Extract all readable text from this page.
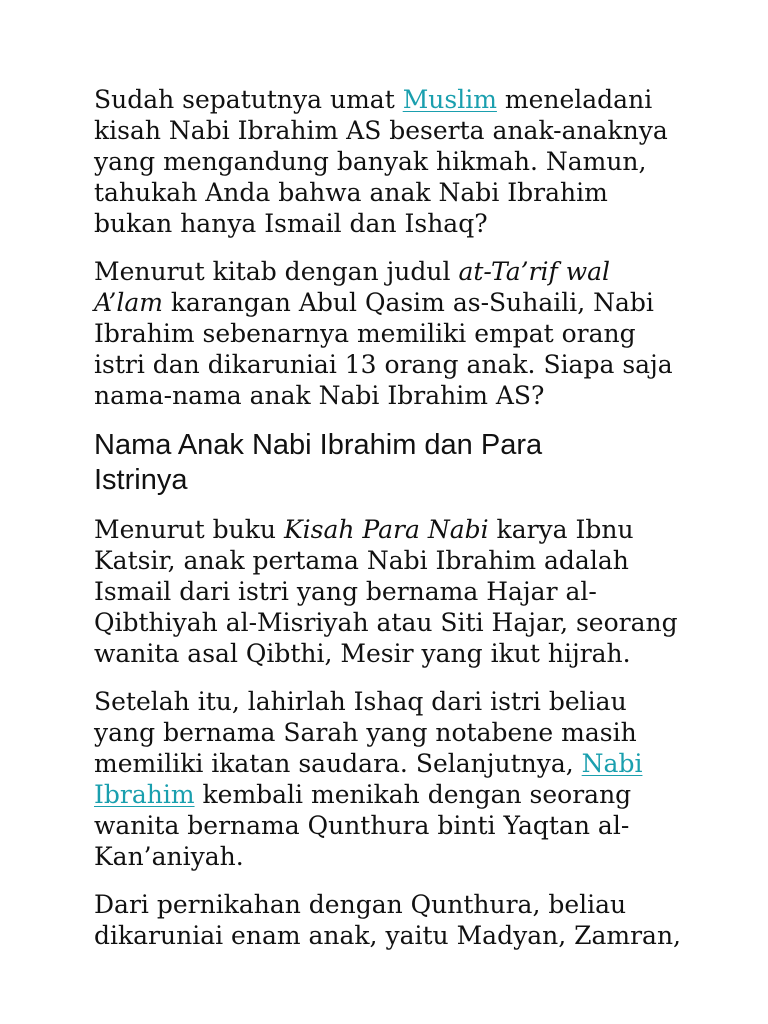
Sudah sepatutnya umat Muslim meneladani
kisah Nabi Ibrahim AS beserta anak-anaknya
yang mengandung banyak hikmah. Namun,
tahukah Anda bahwa anak Nabi Ibrahim
bukan hanya Ismail dan Ishaq?

Menurut kitab dengan judul at-Ta’rif wal
A’lam karangan Abul Qasim as-Suhaili, Nabi
Ibrahim sebenarnya memiliki empat orang
istri dan dikaruniai 13 orang anak. Siapa saja
nama-nama anak Nabi Ibrahim AS?

Nama Anak Nabi Ibrahim dan Para
Istrinya

Menurut buku Kisah Para Nabi karya Ibnu
Katsir, anak pertama Nabi Ibrahim adalah
Ismail dari istri yang bernama Hajar al-
Qibthiyah al-Misriyah atau Siti Hajar, seorang
wanita asal Qibthi, Mesir yang ikut hijrah.

Setelah itu, lahirlah Ishaq dari istri beliau
yang bernama Sarah yang notabene masih
memiliki ikatan saudara. Selanjutnya, Nabi
Ibrahim kembali menikah dengan seorang
wanita bernama Qunthura binti Yaqtan al-
Kan’aniyah.

Dari pernikahan dengan Qunthura, beliau
dikaruniai enam anak, yaitu Madyan, Zamran,
